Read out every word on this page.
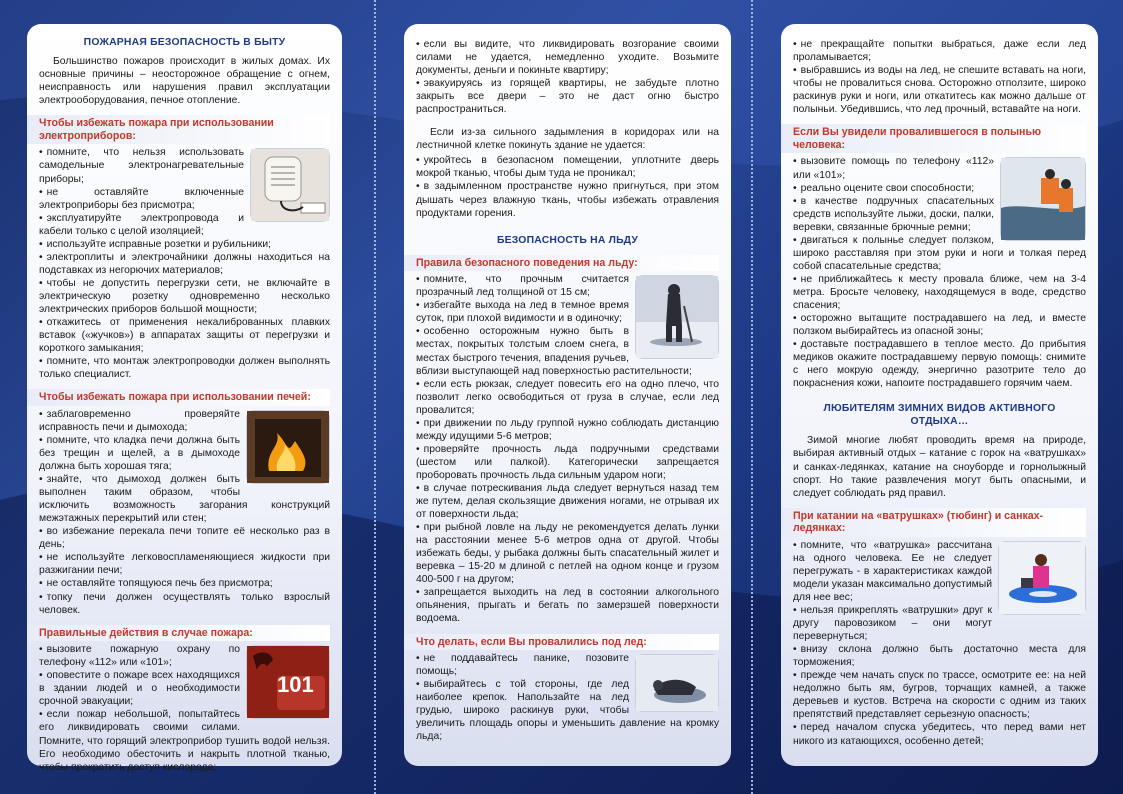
ПОЖАРНАЯ БЕЗОПАСНОСТЬ В БЫТУ
Большинство пожаров происходит в жилых домах. Их основные причины – неосторожное обращение с огнем, неисправность или нарушения правил эксплуатации электрооборудования, печное отопление.
Чтобы избежать пожара при использовании электроприборов:
• помните, что нельзя использовать самодельные электронагревательные приборы;
• не оставляйте включенные электроприборы без присмотра;
• эксплуатируйте электропровода и кабели только с целой изоляцией;
• используйте исправные розетки и рубильники;
• электроплиты и электрочайники должны находиться на подставках из негорючих материалов;
• чтобы не допустить перегрузки сети, не включайте в электрическую розетку одновременно несколько электрических приборов большой мощности;
• откажитесь от применения некалиброванных плавких вставок («жучков») в аппаратах защиты от перегрузки и короткого замыкания;
• помните, что монтаж электропроводки должен выполнять только специалист.
Чтобы избежать пожара при использовании печей:
• заблаговременно проверяйте исправность печи и дымохода;
• помните, что кладка печи должна быть без трещин и щелей, а в дымоходе должна быть хорошая тяга;
• знайте, что дымоход должен быть выполнен таким образом, чтобы исключить возможность загорания конструкций межэтажных перекрытий или стен;
• во избежание перекала печи топите её несколько раз в день;
• не используйте легковоспламеняющиеся жидкости при разжигании печи;
• не оставляйте топящуюся печь без присмотра;
• топку печи должен осуществлять только взрослый человек.
Правильные действия в случае пожара:
101
• вызовите пожарную охрану по телефону «112» или «101»;
• оповестите о пожаре всех находящихся в здании людей и о необходимости срочной эвакуации;
• если пожар небольшой, попытайтесь его ликвидировать своими силами. Помните, что горящий электроприбор тушить водой нельзя. Его необходимо обесточить и накрыть плотной тканью, чтобы прекратить доступ кислорода;
• если вы видите, что ликвидировать возгорание своими силами не удается, немедленно уходите. Возьмите документы, деньги и покиньте квартиру;
• эвакуируясь из горящей квартиры, не забудьте плотно закрыть все двери – это не даст огню быстро распространиться.
Если из-за сильного задымления в коридорах или на лестничной клетке покинуть здание не удается:
• укройтесь в безопасном помещении, уплотните дверь мокрой тканью, чтобы дым туда не проникал;
• в задымленном пространстве нужно пригнуться, при этом дышать через влажную ткань, чтобы избежать отравления продуктами горения.
БЕЗОПАСНОСТЬ НА ЛЬДУ
Правила безопасного поведения на льду:
• помните, что прочным считается прозрачный лед толщиной от 15 см;
• избегайте выхода на лед в темное время суток, при плохой видимости и в одиночку;
• особенно осторожным нужно быть в местах, покрытых толстым слоем снега, в местах быстрого течения, впадения ручьев, вблизи выступающей над поверхностью растительности;
• если есть рюкзак, следует повесить его на одно плечо, что позволит легко освободиться от груза в случае, если лед провалится;
• при движении по льду группой нужно соблюдать дистанцию между идущими 5-6 метров;
• проверяйте прочность льда подручными средствами (шестом или палкой). Категорически запрещается проборовать прочность льда сильным ударом ноги;
• в случае потрескивания льда следует вернуться назад тем же путем, делая скользящие движения ногами, не отрывая их от поверхности льда;
• при рыбной ловле на льду не рекомендуется делать лунки на расстоянии менее 5-6 метров одна от другой. Чтобы избежать беды, у рыбака должны быть спасательный жилет и веревка – 15-20 м длиной с петлей на одном конце и грузом 400-500 г на другом;
• запрещается выходить на лед в состоянии алкогольного опьянения, прыгать и бегать по замерзшей поверхности водоема.
Что делать, если Вы провалились под лед:
• не поддавайтесь панике, позовите помощь;
• выбирайтесь с той стороны, где лед наиболее крепок. Напользайте на лед грудью, широко раскинув руки, чтобы увеличить площадь опоры и уменьшить давление на кромку льда;
• не прекращайте попытки выбраться, даже если лед проламывается;
• выбравшись из воды на лед, не спешите вставать на ноги, чтобы не провалиться снова. Осторожно отползите, широко раскинув руки и ноги, или откатитесь как можно дальше от полыньи. Убедившись, что лед прочный, вставайте на ноги.
Если Вы увидели провалившегося в полынью человека:
• вызовите помощь по телефону «112» или «101»;
• реально оцените свои способности;
• в качестве подручных спасательных средств используйте лыжи, доски, палки, веревки, связанные брючные ремни;
• двигаться к полынье следует ползком, широко расставляя при этом руки и ноги и толкая перед собой спасательные средства;
• не приближайтесь к месту провала ближе, чем на 3-4 метра. Бросьте человеку, находящемуся в воде, средство спасения;
• осторожно вытащите пострадавшего на лед, и вместе ползком выбирайтесь из опасной зоны;
• доставьте пострадавшего в теплое место. До прибытия медиков окажите пострадавшему первую помощь: снимите с него мокрую одежду, энергично разотрите тело до покраснения кожи, напоите пострадавшего горячим чаем.
ЛЮБИТЕЛЯМ ЗИМНИХ ВИДОВ АКТИВНОГО ОТДЫХА…
Зимой многие любят проводить время на природе, выбирая активный отдых – катание с горок на «ватрушках» и санках-ледянках, катание на сноуборде и горнолыжный спорт. Но такие развлечения могут быть опасными, и следует соблюдать ряд правил.
При катании на «ватрушках» (тюбинг) и санках-ледянках:
• помните, что «ватрушка» рассчитана на одного человека. Ее не следует перегружать - в характеристиках каждой модели указан максимально допустимый для нее вес;
• нельзя прикреплять «ватрушки» друг к другу паровозиком – они могут перевернуться;
• внизу склона должно быть достаточно места для торможения;
• прежде чем начать спуск по трассе, осмотрите ее: на ней недолжно быть ям, бугров, торчащих камней, а также деревьев и кустов. Встреча на скорости с одним из таких препятствий представляет серьезную опасность;
• перед началом спуска убедитесь, что перед вами нет никого из катающихся, особенно детей;
